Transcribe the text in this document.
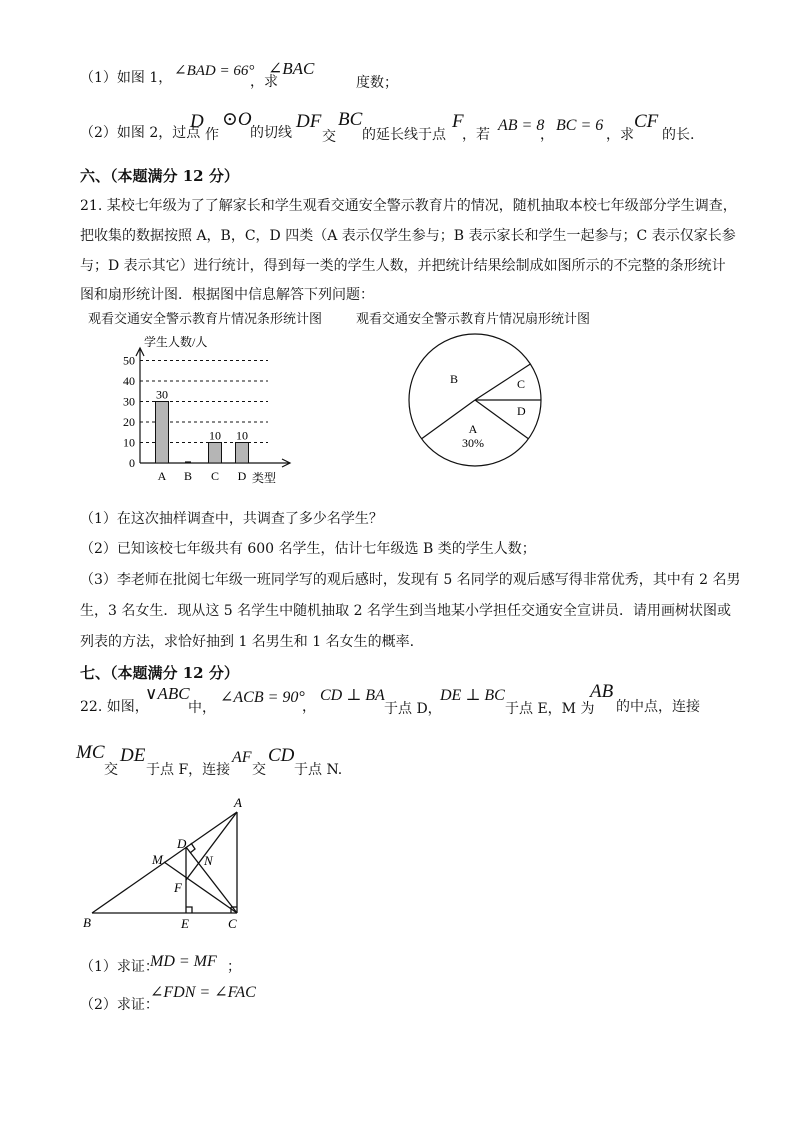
（1）如图 1， ∠BAD = 66°
，求
∠BAC
度数；
（2）如图 2，过点
D
作
⊙O
的切线
DF
交
BC
的延长线于点
F
，若
AB = 8
，
BC = 6
，求
CF
的长.
六、（本题满分 12 分）
21. 某校七年级为了了解家长和学生观看交通安全警示教育片的情况，随机抽取本校七年级部分学生调查，
把收集的数据按照 A，B，C，D 四类（A 表示仅学生参与；B 表示家长和学生一起参与；C 表示仅家长参
与；D 表示其它）进行统计，得到每一类的学生人数，并把统计结果绘制成如图所示的不完整的条形统计
图和扇形统计图．根据图中信息解答下列问题：
观看交通安全警示教育片情况条形统计图	观看交通安全警示教育片情况扇形统计图
学生人数/人
类型
0
10
20
30
40
50
30
A B
10
C
10
D
B	C
D
A
30%
（1）在这次抽样调查中，共调查了多少名学生？
（2）已知该校七年级共有 600 名学生，估计七年级选 B 类的学生人数；
（3）李老师在批阅七年级一班同学写的观后感时，发现有 5 名同学的观后感写得非常优秀，其中有 2 名男
生，3 名女生．现从这 5 名学生中随机抽取 2 名学生到当地某小学担任交通安全宣讲员．请用画树状图或
列表的方法，求恰好抽到 1 名男生和 1 名女生的概率.
七、（本题满分 12 分）
22. 如图，
∨ABC
中，
∠ACB = 90°
，
CD ⊥ BA
于点 D，
DE ⊥ BC
于点 E，M 为
AB
的中点，连接
MC
交
DE
于点 F，连接
AF
交
CD
于点 N.
A
B	C
D
E
F
M	N
（1）求证：
MD = MF ；
（2）求证：
∠FDN = ∠FAC
